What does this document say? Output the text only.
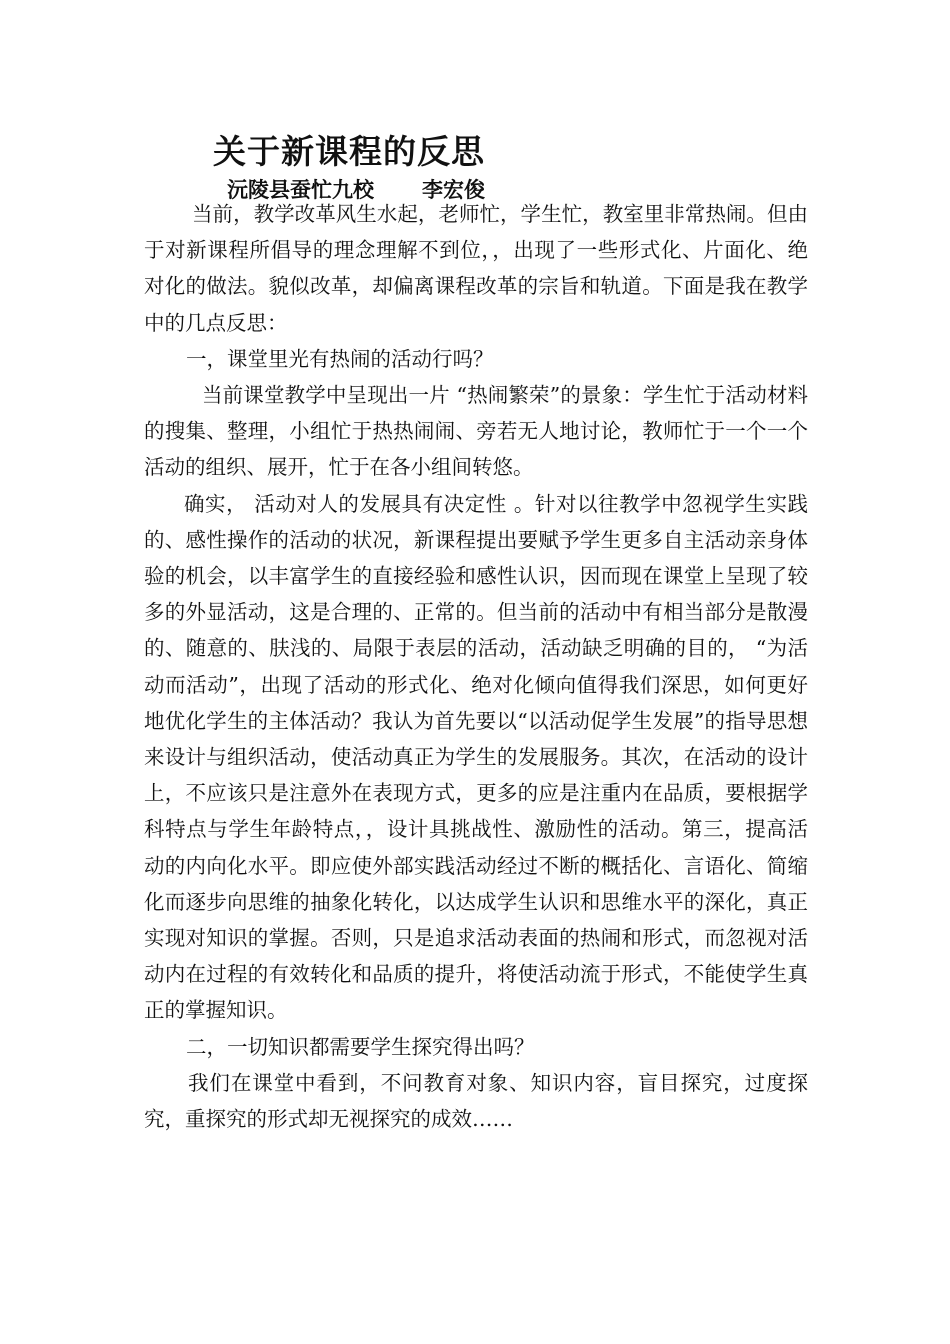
关于新课程的反思
沅陵县蚕忙九校 李宏俊

当前，教学改革风生水起，老师忙，学生忙，教室里非常热闹。但由于对新课程所倡导的理念理解不到位，，出现了一些形式化、片面化、绝对化的做法。貌似改革，却偏离课程改革的宗旨和轨道。下面是我在教学中的几点反思：

一，课堂里光有热闹的活动行吗？

当前课堂教学中呈现出一片 “热闹繁荣”的景象：学生忙于活动材料的搜集、整理，小组忙于热热闹闹、旁若无人地讨论，教师忙于一个一个活动的组织、展开，忙于在各小组间转悠。

确实， 活动对人的发展具有决定性 。针对以往教学中忽视学生实践的、感性操作的活动的状况，新课程提出要赋予学生更多自主活动亲身体验的机会，以丰富学生的直接经验和感性认识，因而现在课堂上呈现了较多的外显活动，这是合理的、正常的。但当前的活动中有相当部分是散漫的、随意的、肤浅的、局限于表层的活动，活动缺乏明确的目的， “为活动而活动”，出现了活动的形式化、绝对化倾向值得我们深思，如何更好地优化学生的主体活动？我认为首先要以“以活动促学生发展”的指导思想来设计与组织活动，使活动真正为学生的发展服务。其次，在活动的设计上，不应该只是注意外在表现方式，更多的应是注重内在品质，要根据学科特点与学生年龄特点，，设计具挑战性、激励性的活动。第三，提高活动的内向化水平。即应使外部实践活动经过不断的概括化、言语化、简缩化而逐步向思维的抽象化转化，以达成学生认识和思维水平的深化，真正实现对知识的掌握。否则，只是追求活动表面的热闹和形式，而忽视对活动内在过程的有效转化和品质的提升，将使活动流于形式，不能使学生真正的掌握知识。

二，一切知识都需要学生探究得出吗？

我们在课堂中看到，不问教育对象、知识内容，盲目探究，过度探究，重探究的形式却无视探究的成效……
